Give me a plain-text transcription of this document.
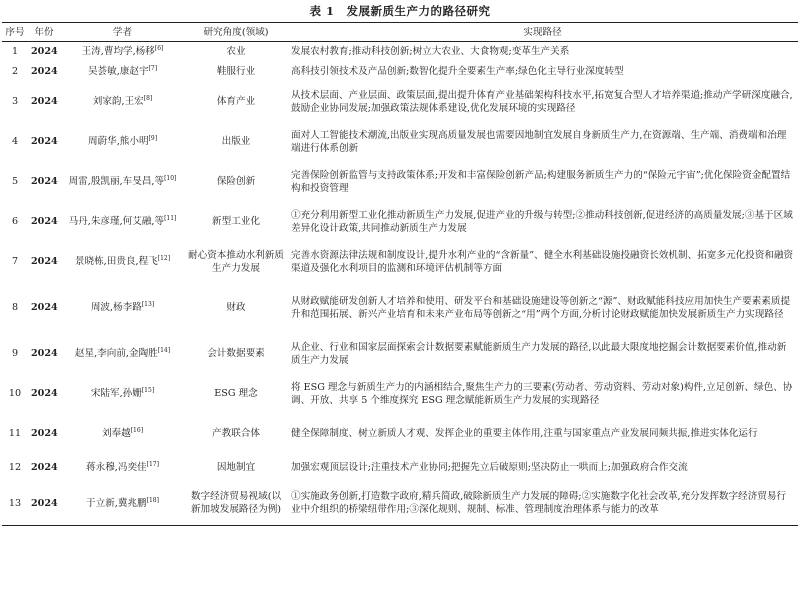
表 1　发展新质生产力的路径研究
序号	年份	学者	研究角度(领域)	实现路径
1	2024	王涛,曹均学,杨移[6]	农业	发展农村教育;推动科技创新;树立大农业、大食物观;变革生产关系
2	2024	吴荟敏,康赵宇[7]	鞋服行业	高科技引领技术及产品创新;数智化提升全要素生产率;绿色化主导行业深度转型
3	2024	刘家韵,王宏[8]	体育产业	从技术层面、产业层面、政策层面,提出提升体育产业基础架构科技水平,拓宽复合型人才培养渠道;推动产学研深度融合,鼓励企业协同发展;加强政策法规体系建设,优化发展环境的实现路径
4	2024	周蔚华,熊小明[9]	出版业	面对人工智能技术潮流,出版业实现高质量发展也需要因地制宜发展自身新质生产力,在资源端、生产端、消费端和治理端进行体系创新
5	2024	周雷,殷凯丽,车旻昌,等[10]	保险创新	完善保险创新监管与支持政策体系;开发和丰富保险创新产品;构建服务新质生产力的“保险元宇宙”;优化保险资金配置结构和投资管理
6	2024	马丹,朱彦瑾,何艾融,等[11]	新型工业化	①充分利用新型工业化推动新质生产力发展,促进产业的升级与转型;②推动科技创新,促进经济的高质量发展;③基于区域差异化设计政策,共同推动新质生产力发展
7	2024	景晓栋,田贵良,程飞[12]	耐心资本推动水利新质生产力发展	完善水资源法律法规和制度设计,提升水利产业的“含新量”、健全水利基础设施投融资长效机制、拓宽多元化投资和融资渠道及强化水利项目的监测和环境评估机制等方面
8	2024	周波,杨李路[13]	财政	从财政赋能研发创新人才培养和使用、研发平台和基础设施建设等创新之“源”、财政赋能科技应用加快生产要素素质提升和范围拓展、新兴产业培育和未来产业布局等创新之“用”两个方面,分析讨论财政赋能加快发展新质生产力实现路径
9	2024	赵星,李向前,金陶胜[14]	会计数据要素	从企业、行业和国家层面探索会计数据要素赋能新质生产力发展的路径,以此最大限度地挖掘会计数据要素价值,推动新质生产力发展
10	2024	宋陆军,孙姗[15]	ESG 理念	将 ESG 理念与新质生产力的内涵相结合,聚焦生产力的三要素(劳动者、劳动资料、劳动对象)构件,立足创新、绿色、协调、开放、共享 5 个维度探究 ESG 理念赋能新质生产力发展的实现路径
11	2024	刘奉越[16]	产教联合体	健全保障制度、树立新质人才观、发挥企业的重要主体作用,注重与国家重点产业发展同频共振,推进实体化运行
12	2024	蒋永穆,冯奕佳[17]	因地制宜	加强宏观顶层设计;注重技术产业协同;把握先立后破原则;坚决防止一哄而上;加强政府合作交流
13	2024	于立新,冀兆鹏[18]	数字经济贸易视域(以新加坡发展路径为例)	①实施政务创新,打造数字政府,精兵简政,破除新质生产力发展的障碍;②实施数字化社会改革,充分发挥数字经济贸易行业中介组织的桥梁纽带作用;③深化规则、规制、标准、管理制度治理体系与能力的改革
